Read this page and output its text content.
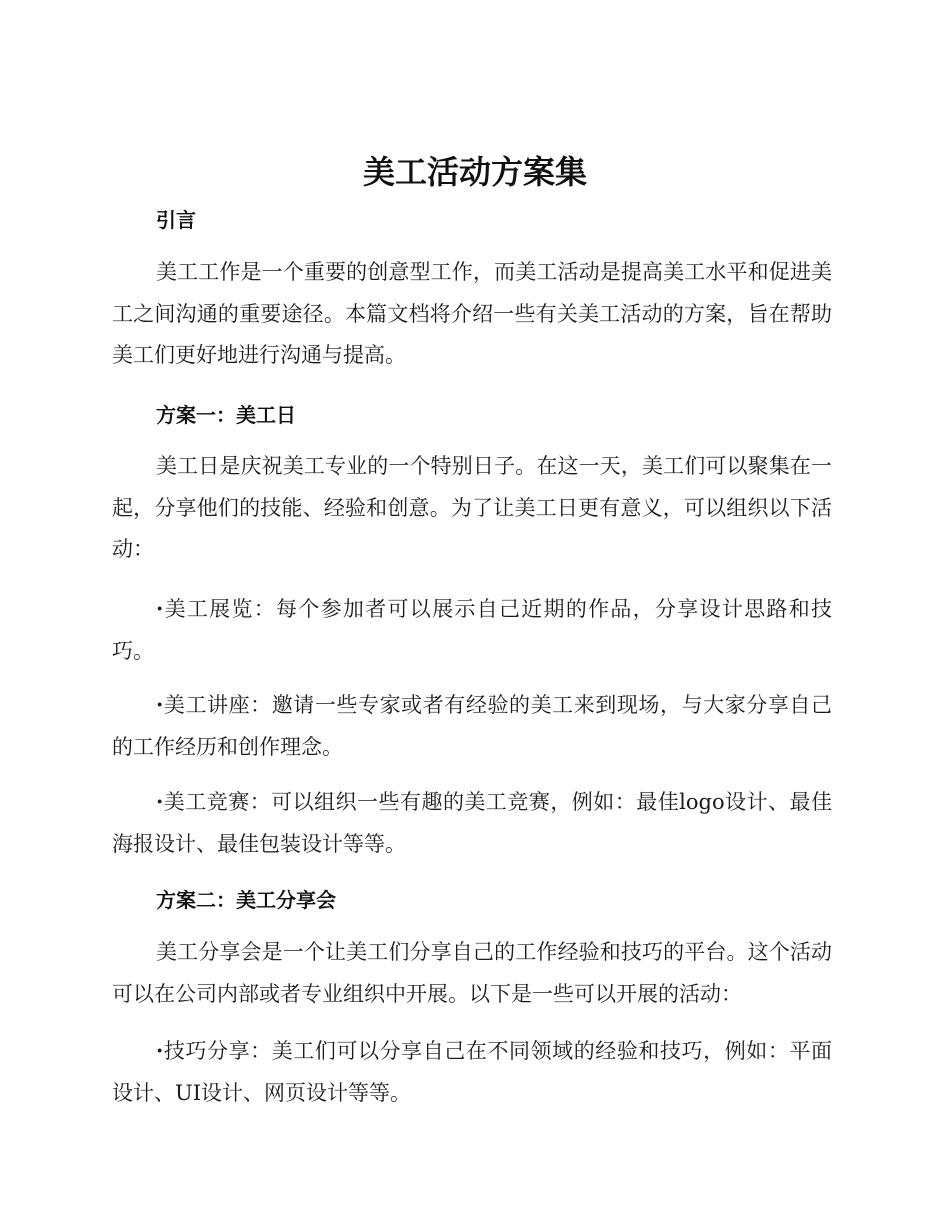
美工活动方案集
引言

美工工作是一个重要的创意型工作，而美工活动是提高美工水平和促进美工之间沟通的重要途径。本篇文档将介绍一些有关美工活动的方案，旨在帮助美工们更好地进行沟通与提高。

方案一：美工日

美工日是庆祝美工专业的一个特别日子。在这一天，美工们可以聚集在一起，分享他们的技能、经验和创意。为了让美工日更有意义，可以组织以下活动：

·美工展览：每个参加者可以展示自己近期的作品，分享设计思路和技巧。

·美工讲座：邀请一些专家或者有经验的美工来到现场，与大家分享自己的工作经历和创作理念。

·美工竞赛：可以组织一些有趣的美工竞赛，例如：最佳logo设计、最佳海报设计、最佳包装设计等等。

方案二：美工分享会

美工分享会是一个让美工们分享自己的工作经验和技巧的平台。这个活动可以在公司内部或者专业组织中开展。以下是一些可以开展的活动：

·技巧分享：美工们可以分享自己在不同领域的经验和技巧，例如：平面设计、UI设计、网页设计等等。
